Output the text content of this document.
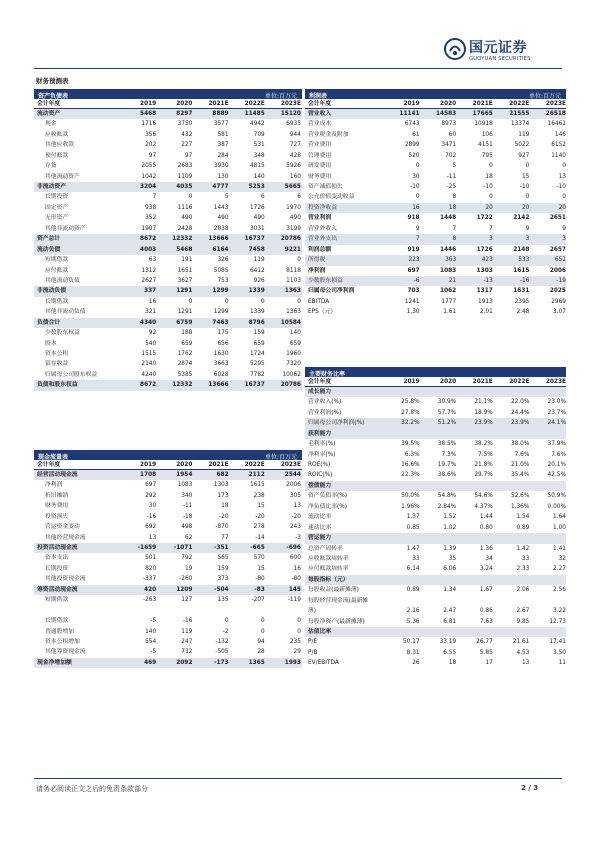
国元证券
GUOYUAN SECURITIES
财务预测表
资产负债表	单位:百万元
会计年度	2019	2020	2021E	2022E	2023E
流动资产	5468	8297	8889	11485	15120
现金	1716	3750	3577	4942	6935
应收账款	356	432	581	709	944
其他应收款	202	227	387	531	727
预付账款	97	97	284	348	428
存货	2055	2683	3930	4815	5926
其他流动资产	1042	1109	130	140	160
非流动资产	3204	4035	4777	5253	5665
长期投资	7	0	5	6	6
固定资产	938	1116	1443	1726	1970
无形资产	352	490	490	490	490
其他非流动资产	1907	2428	2838	3031	3199
资产总计	8672	12332	13666	16737	20786
流动负债	4003	5468	6164	7458	9221
短期借款	63	191	326	119	0
应付账款	1312	1651	5085	6412	8118
其他流动负债	2627	3627	753	926	1103
非流动负债	337	1291	1299	1339	1363
长期借款	16	0	0	0	0
其他非流动负债	321	1291	1299	1339	1363
负债合计	4340	6759	7463	8796	10584
少数股东权益	92	188	175	159	140
股本	540	659	656	659	659
资本公积	1515	1762	1630	1724	1960
留存收益	2140	2874	3663	5295	7320
归属母公司股东权益	4240	5385	6028	7782	10062
负债和股东权益	8672	12332	13666	16737	20786
利润表	单位:百万元
会计年度	2019	2020	2021E	2022E	2023E
营业收入	11141	14583	17665	21555	26518
营业成本	6743	8973	10918	13374	16461
营业税金及附加	61	60	106	119	146
营业费用	2899	3471	4151	5022	6152
管理费用	520	702	795	927	1140
研发费用	0	5	0	0	0
财务费用	30	-11	18	15	13
资产减值损失	-10	-25	-10	-10	-10
公允价值变动收益	0	8	0	0	0
投资净收益	16	18	20	20	20
营业利润	918	1448	1722	2142	2651
营业外收入	9	7	7	9	9
营业外支出	7	8	3	3	3
利润总额	919	1446	1726	2148	2657
所得税	223	363	423	533	651
净利润	697	1083	1303	1615	2006
少数股东损益	-6	21	-13	-16	-19
归属母公司净利润	703	1062	1317	1631	2025
EBITDA	1241	1777	1913	2395	2969
EPS（元）	1.30	1.61	2.01	2.48	3.07
主要财务比率
会计年度	2019	2020	2021E	2022E	2023E
成长能力
营业收入(%)	25.8%	30.9%	21.1%	22.0%	23.0%
营业利润(%)	27.8%	57.7%	18.9%	24.4%	23.7%
归属母公司净利润(%)	32.2%	51.2%	23.9%	23.9%	24.1%
获利能力
毛利率(%)	39.5%	38.5%	38.2%	38.0%	37.9%
净利率(%)	6.3%	7.3%	7.5%	7.6%	7.6%
ROE(%)	16.6%	19.7%	21.8%	21.0%	20.1%
ROIC(%)	22.3%	38.6%	29.7%	35.4%	42.5%
偿债能力
资产负债率(%)	50.0%	54.8%	54.6%	52.6%	50.9%
净负债比率(%)	1.96%	2.84%	4.37%	1.36%	0.00%
流动比率	1.37	1.52	1.44	1.54	1.64
速动比率	0.85	1.02	0.80	0.89	1.00
营运能力
总资产周转率	1.47	1.39	1.36	1.42	1.41
应收账款周转率	33	35	34	33	32
应付账款周转率	6.14	6.06	3.24	2.33	2.27
每股指标（元）
每股收益(最新摊薄)	0.89	1.34	1.67	2.06	2.56
每股经营现金流(最新摊
薄)	2.16	2.47	0.86	2.67	3.22
每股净资产(最新摊薄)	5.36	6.81	7.63	9.85	12.73
估值比率
P/E	50.17	33.19	26.77	21.61	17.41
P/B	8.31	6.55	5.85	4.53	3.50
EV/EBITDA	26	18	17	13	11
现金流量表	单位:百万元
会计年度	2019	2020	2021E	2022E	2023E
经营活动现金流	1708	1954	682	2112	2544
净利润	697	1083	1303	1615	2006
折旧摊销	292	340	173	238	305
财务费用	30	-11	18	15	13
投资损失	-16	-18	-20	-20	-20
营运资金变动	692	498	-870	278	243
其他经营现金流	13	62	77	-14	-3
投资活动现金流	-1659	-1071	-351	-665	-696
资本支出	501	792	565	570	600
长期投资	820	19	159	15	16
其他投资现金流	-337	-260	373	-80	-80
筹资活动现金流	420	1209	-504	-83	145
短期借款	-263	127	135	-207	-119
长期借款	-5	-16	0	0	0
普通股增加	140	119	-2	0	0
资本公积增加	554	247	-132	94	235
其他筹资现金流	-5	732	-505	28	29
现金净增加额	469	2092	-173	1365	1993
请务必阅读正文之后的免责条款部分	2 / 3
